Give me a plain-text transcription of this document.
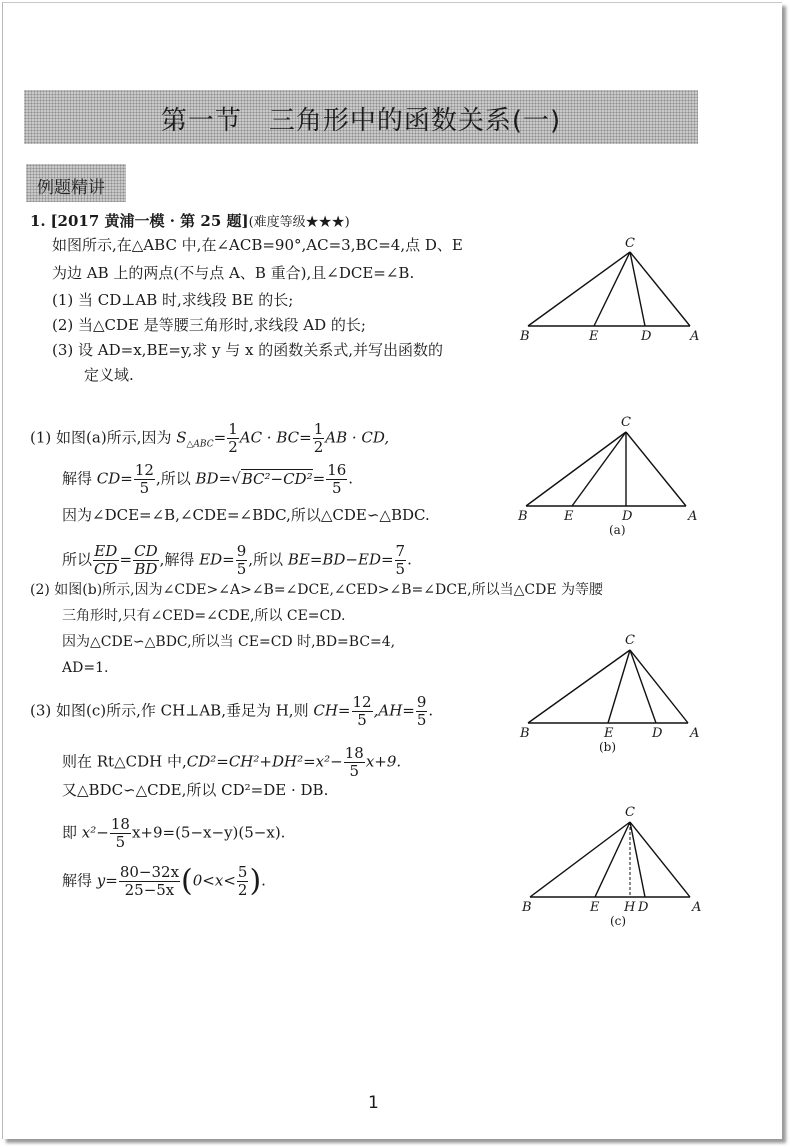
第一节　三角形中的函数关系(一)
例题精讲
1. [2017 黄浦一模 · 第 25 题](难度等级★★★)
如图所示,在△ABC 中,在∠ACB=90°,AC=3,BC=4,点 D、E
为边 AB 上的两点(不与点 A、B 重合),且∠DCE=∠B.
(1) 当 CD⊥AB 时,求线段 BE 的长;
(2) 当△CDE 是等腰三角形时,求线段 AD 的长;
(3) 设 AD=x,BE=y,求 y 与 x 的函数关系式,并写出函数的
定义域.
C
B	E	D	A
(1) 如图(a)所示,因为 $S_{\triangle ABC}= \frac{1}{2}$ AC · $BC= \frac{1}{2}$ AB · CD,
解得 $CD= \frac{12}{5}$ ,所以 $BD=√BC^2-CD^2= \frac{16}{5}$ .
因为∠DCE=∠B,∠CDE=∠BDC,所以△CDE∽△BDC.
所以 $\frac{ED}{CD} = \frac{CD}{BD}$ ,解得 $ED= \frac{9}{5}$ ,所以 $BE=BD-ED= \frac{7}{5}$ .
C
B	E	D	A
(a)
(2) 如图(b)所示,因为∠CDE>∠A>∠B=∠DCE,∠CED>∠B=∠DCE,所以当△CDE 为等腰
三角形时,只有∠CED=∠CDE,所以 CE=CD.
因为△CDE∽△BDC,所以当 CE=CD 时,BD=BC=4,
AD=1.
C
B	E	D A
(b)
(3) 如图(c)所示,作 CH⊥AB,垂足为 H,则 $CH= \frac{12}{5} ,AH= \frac{9}{5}$ .
则在 Rt△CDH 中$,CD^2=CH^2+DH^2=x^2- \frac{18}{5} x+9$.
又△BDC∽△CDE,所以 CD²=DE · DB.
即 $x^2- \frac{18}{5} x+9=(5-x-y)(5-x)$.
解得 $y= \frac{80-32x}{25-5x} (0<x< \frac{5}{2}$ ).
C
B	E H D	A
(c)
1
